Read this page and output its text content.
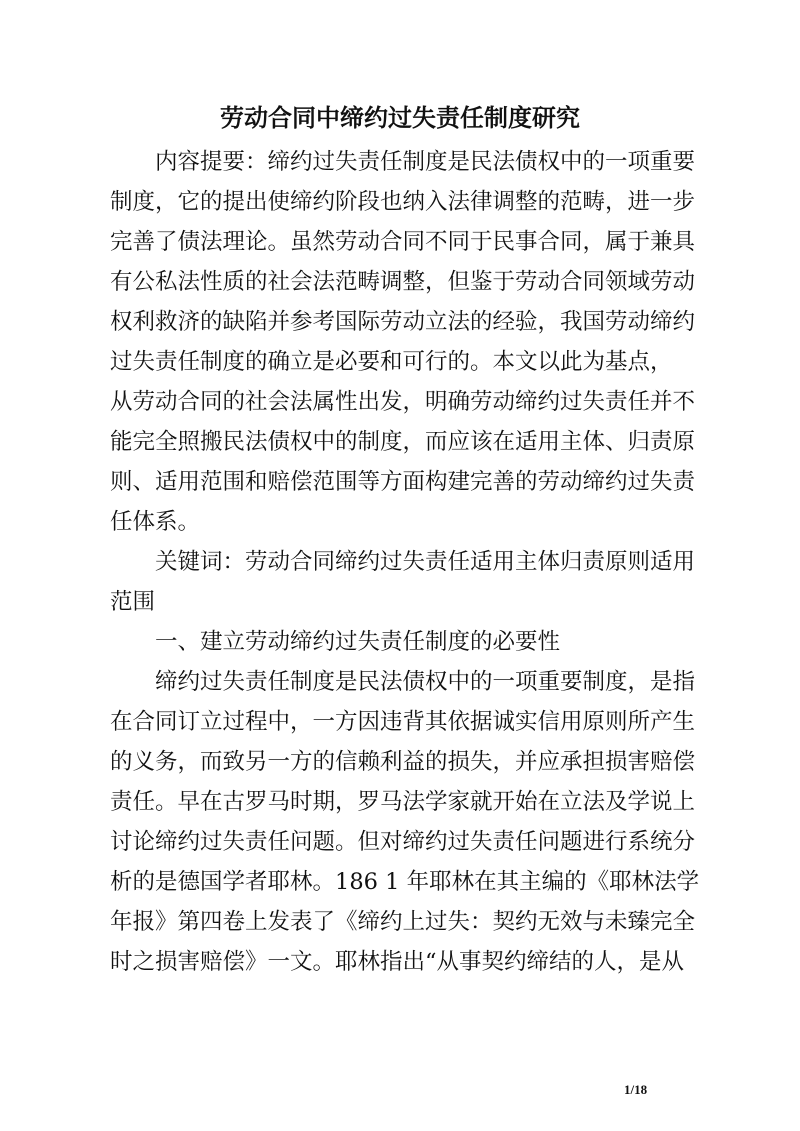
劳动合同中缔约过失责任制度研究
内容提要：缔约过失责任制度是民法债权中的一项重要
制度，它的提出使缔约阶段也纳入法律调整的范畴，进一步
完善了债法理论。虽然劳动合同不同于民事合同，属于兼具
有公私法性质的社会法范畴调整，但鉴于劳动合同领域劳动
权利救济的缺陷并参考国际劳动立法的经验，我国劳动缔约
过失责任制度的确立是必要和可行的。本文以此为基点，
从劳动合同的社会法属性出发，明确劳动缔约过失责任并不
能完全照搬民法债权中的制度，而应该在适用主体、归责原
则、适用范围和赔偿范围等方面构建完善的劳动缔约过失责
任体系。
关键词：劳动合同缔约过失责任适用主体归责原则适用
范围
一、建立劳动缔约过失责任制度的必要性
缔约过失责任制度是民法债权中的一项重要制度，是指
在合同订立过程中，一方因违背其依据诚实信用原则所产生
的义务，而致另一方的信赖利益的损失，并应承担损害赔偿
责任。早在古罗马时期，罗马法学家就开始在立法及学说上
讨论缔约过失责任问题。但对缔约过失责任问题进行系统分
析的是德国学者耶林。186 1 年耶林在其主编的《耶林法学
年报》第四卷上发表了《缔约上过失：契约无效与未臻完全
时之损害赔偿》一文。耶林指出“从事契约缔结的人，是从
1/18
